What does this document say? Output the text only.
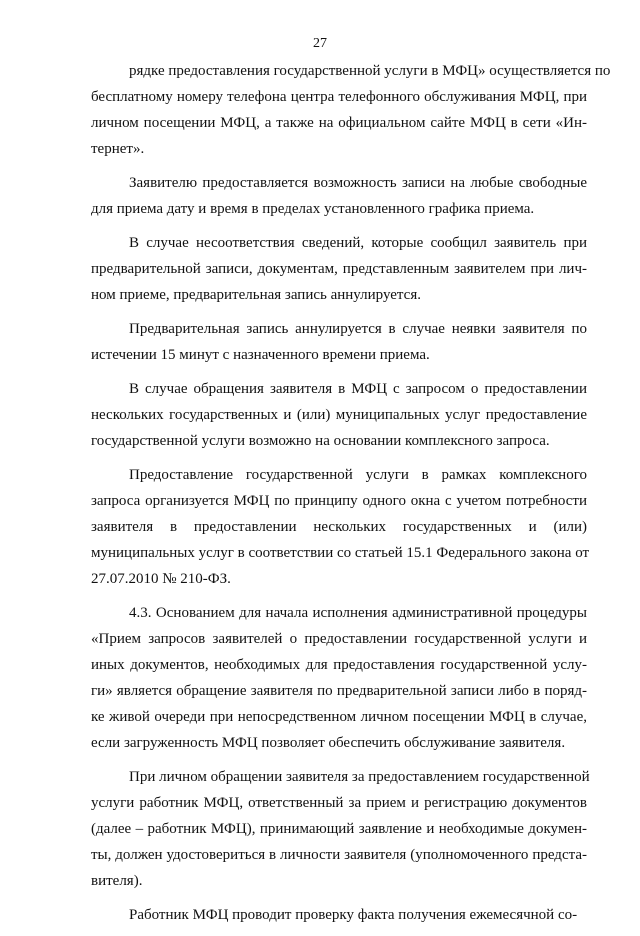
27
рядке предоставления государственной услуги в МФЦ» осуществляется по
бесплатному номеру телефона центра телефонного обслуживания МФЦ, при
личном посещении МФЦ, а также на официальном сайте МФЦ в сети «Ин-
тернет».
Заявителю предоставляется возможность записи на любые свободные
для приема дату и время в пределах установленного графика приема.
В случае несоответствия сведений, которые сообщил заявитель при
предварительной записи, документам, представленным заявителем при лич-
ном приеме, предварительная запись аннулируется.
Предварительная запись аннулируется в случае неявки заявителя по
истечении 15 минут с назначенного времени приема.
В случае обращения заявителя в МФЦ с запросом о предоставлении
нескольких государственных и (или) муниципальных услуг предоставление
государственной услуги возможно на основании комплексного запроса.
Предоставление государственной услуги в рамках комплексного
запроса организуется МФЦ по принципу одного окна с учетом потребности
заявителя в предоставлении нескольких государственных и (или)
муниципальных услуг в соответствии со статьей 15.1 Федерального закона от
27.07.2010 № 210-ФЗ.
4.3. Основанием для начала исполнения административной процедуры
«Прием запросов заявителей о предоставлении государственной услуги и
иных документов, необходимых для предоставления государственной услу-
ги» является обращение заявителя по предварительной записи либо в поряд-
ке живой очереди при непосредственном личном посещении МФЦ в случае,
если загруженность МФЦ позволяет обеспечить обслуживание заявителя.
При личном обращении заявителя за предоставлением государственной
услуги работник МФЦ, ответственный за прием и регистрацию документов
(далее – работник МФЦ), принимающий заявление и необходимые докумен-
ты, должен удостовериться в личности заявителя (уполномоченного предста-
вителя).
Работник МФЦ проводит проверку факта получения ежемесячной со-
